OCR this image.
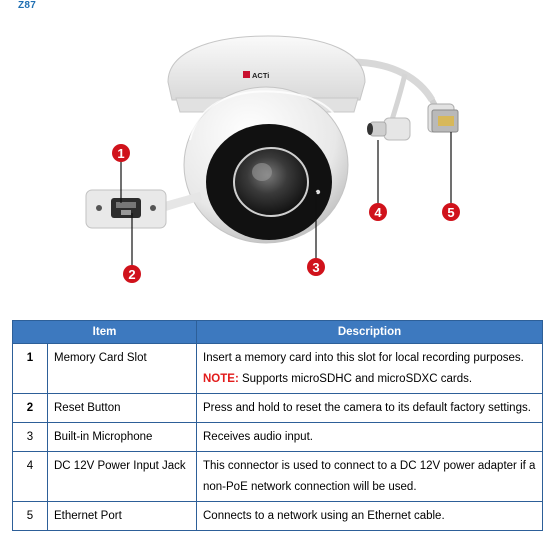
Z87
ACTi
1
2	3
4	5
Item		Description
1	Memory Card Slot	Insert a memory card into this slot for local recording purposes.
NOTE: Supports microSDHC and microSDXC cards.

2	Reset Button	Press and hold to reset the camera to its default factory settings.
3	Built-in Microphone	Receives audio input.
4	DC 12V Power Input Jack	This connector is used to connect to a DC 12V power adapter if a non-PoE network connection will be used.
5	Ethernet Port	Connects to a network using an Ethernet cable.
